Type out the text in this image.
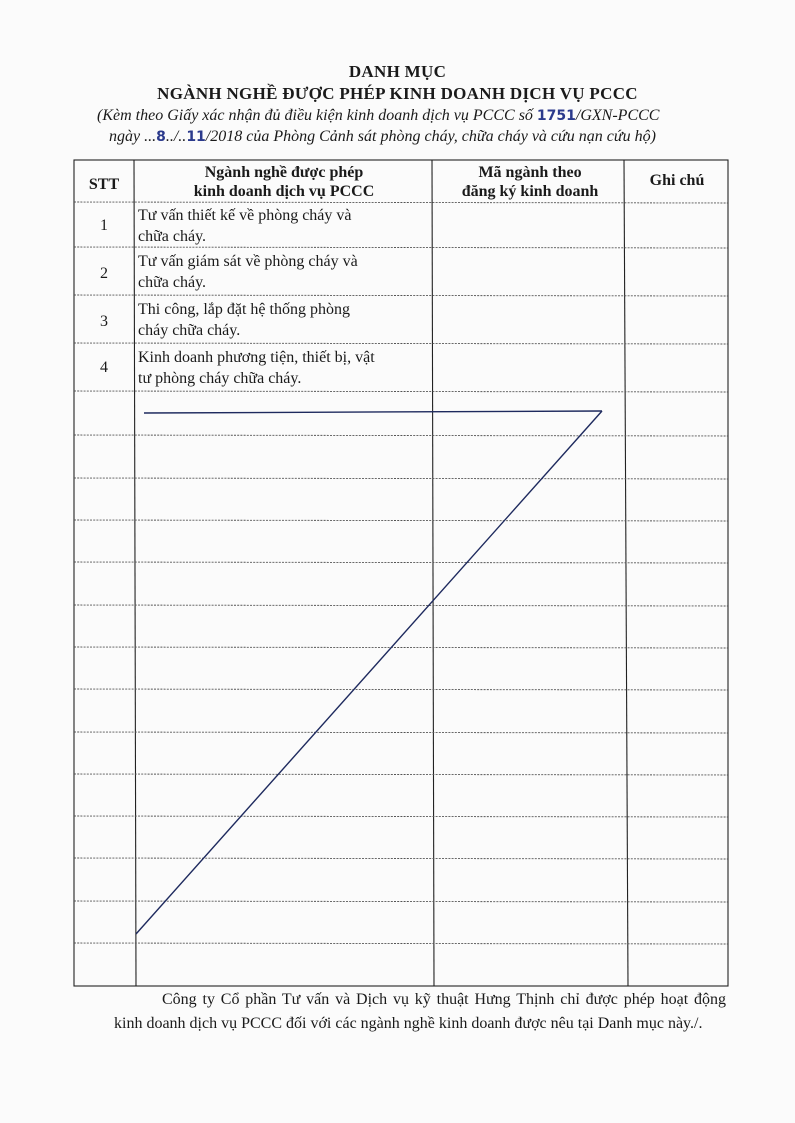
DANH MỤC
NGÀNH NGHỀ ĐƯỢC PHÉP KINH DOANH DỊCH VỤ PCCC
(Kèm theo Giấy xác nhận đủ điều kiện kinh doanh dịch vụ PCCC số 1751/GXN-PCCC
ngày ...8../..11/2018 của Phòng Cảnh sát phòng cháy, chữa cháy và cứu nạn cứu hộ)
STT
Ngành nghề được phép
kinh doanh dịch vụ PCCC
Mã ngành theo
đăng ký kinh doanh
Ghi chú
1
Tư vấn thiết kế về phòng cháy và
chữa cháy.
2
Tư vấn giám sát về phòng cháy và
chữa cháy.
3
Thi công, lắp đặt hệ thống phòng
cháy chữa cháy.
4
Kinh doanh phương tiện, thiết bị, vật
tư phòng cháy chữa cháy.
Công ty Cổ phần Tư vấn và Dịch vụ kỹ thuật Hưng Thịnh chỉ được phép hoạt động kinh doanh dịch vụ PCCC đối với các ngành nghề kinh doanh được nêu tại Danh mục này./.
